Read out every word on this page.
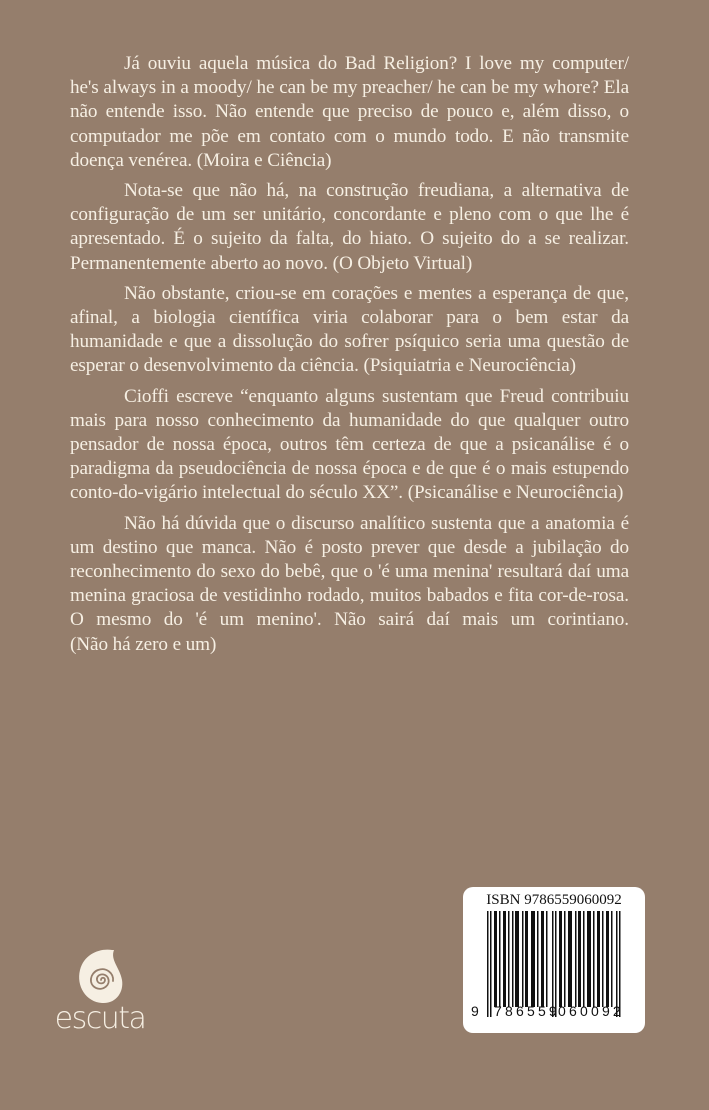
Já ouviu aquela música do Bad Religion? I love my computer/ he's always in a moody/ he can be my preacher/ he can be my whore? Ela não entende isso. Não entende que preciso de pouco e, além disso, o computador me põe em contato com o mundo todo. E não transmite doença venérea. (Moira e Ciência)

Nota-se que não há, na construção freudiana, a alternativa de configuração de um ser unitário, concordante e pleno com o que lhe é apresentado. É o sujeito da falta, do hiato. O sujeito do a se realizar. Permanentemente aberto ao novo. (O Objeto Virtual)

Não obstante, criou-se em corações e mentes a esperança de que, afinal, a biologia científica viria colaborar para o bem estar da humanidade e que a dissolução do sofrer psíquico seria uma questão de esperar o desenvolvimento da ciência. (Psiquiatria e Neurociência)

Cioffi escreve “enquanto alguns sustentam que Freud contribuiu mais para nosso conhecimento da humanidade do que qualquer outro pensador de nossa época, outros têm certeza de que a psicanálise é o paradigma da pseudociência de nossa época e de que é o mais estupendo conto-do-vigário intelectual do século XX”. (Psicanálise e Neurociência)

Não há dúvida que o discurso analítico sustenta que a anatomia é um destino que manca. Não é posto prever que desde a jubilação do reconhecimento do sexo do bebê, que o 'é uma menina' resultará daí uma menina graciosa de vestidinho rodado, muitos babados e fita cor-de-rosa. O mesmo do 'é um menino'. Não sairá daí mais um corintiano. (Não há zero e um)

escuta
ISBN 9786559060092
9 786559
060092
